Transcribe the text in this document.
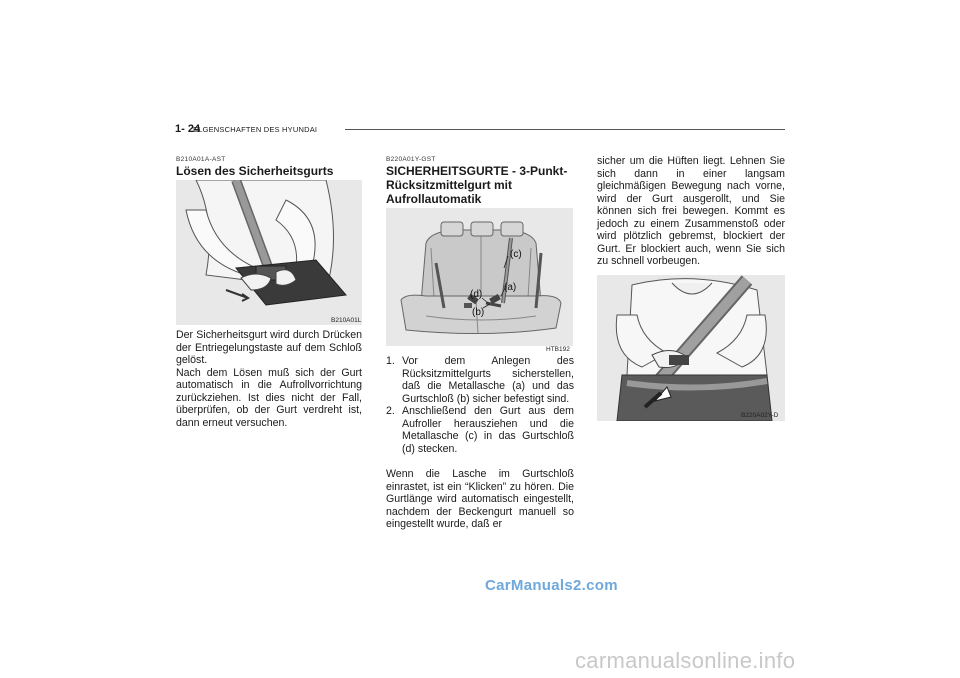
1- 24
ELGENSCHAFTEN DES HYUNDAI
B210A01A-AST
Lösen des Sicherheitsgurts
B210A01L
Der Sicherheitsgurt wird durch Drücken der Entriegelungstaste auf dem Schloß gelöst.
Nach dem Lösen muß sich der Gurt automatisch in die Aufrollvorrichtung zurückziehen. Ist dies nicht der Fall, überprüfen, ob der Gurt verdreht ist, dann erneut versuchen.
B220A01Y-GST
SICHERHEITSGURTE - 3-Punkt-Rücksitzmittelgurt mit Aufrollautomatik
(c)
(a)
(d)
(b)
HTB192
1. Vor dem Anlegen des Rücksitzmittelgurts sicherstellen, daß die Metallasche (a) und das Gurtschloß (b) sicher befestigt sind.
2. Anschließend den Gurt aus dem Aufroller herausziehen und die Metallasche (c) in das Gurtschloß (d) stecken.
Wenn die Lasche im Gurtschloß einrastet, ist ein “Klicken” zu hören. Die Gurtlänge wird automatisch eingestellt, nachdem der Beckengurt manuell so eingestellt wurde, daß er
sicher um die Hüften liegt. Lehnen Sie sich dann in einer langsam gleichmäßigen Bewegung nach vorne, wird der Gurt ausgerollt, und Sie können sich frei bewegen. Kommt es jedoch zu einem Zusammenstoß oder wird plötzlich gebremst, blockiert der Gurt. Er blockiert auch, wenn Sie sich zu schnell vorbeugen.
B220A02Y-D
CarManuals2.com
carmanualsonline.info
